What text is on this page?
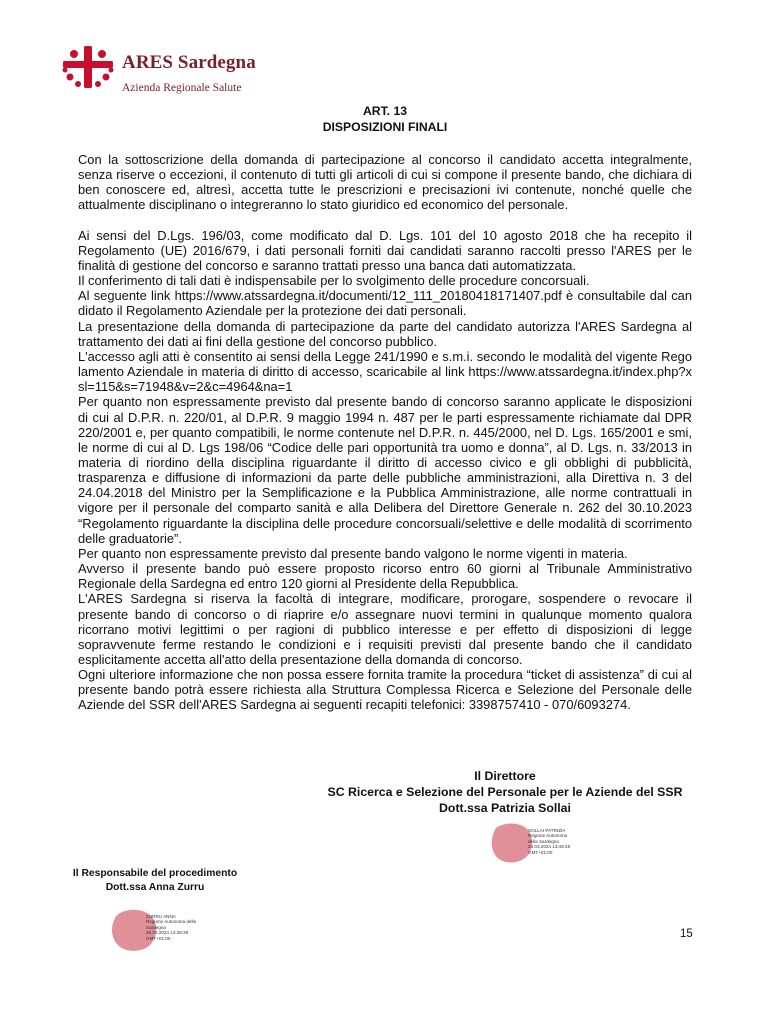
ARES Sardegna
Azienda Regionale Salute
ART. 13
DISPOSIZIONI FINALI

Con la sottoscrizione della domanda di partecipazione al concorso il candidato accetta integralmente, senza riserve o eccezioni, il contenuto di tutti gli articoli di cui si compone il presente bando, che dichiara di ben conoscere ed, altresì, accetta tutte le prescrizioni e precisazioni ivi contenute, nonché quelle che attualmente disciplinano o integreranno lo stato giuridico ed economico del personale.

Ai sensi del D.Lgs. 196/03, come modificato dal D. Lgs. 101 del 10 agosto 2018 che ha recepito il Regolamento (UE) 2016/679, i dati personali forniti dai candidati saranno raccolti presso l'ARES per le finalità di gestione del concorso e saranno trattati presso una banca dati automatizzata.

Il conferimento di tali dati è indispensabile per lo svolgimento delle procedure concorsuali.

Al seguente link https://www.atssardegna.it/documenti/12_111_20180418171407.pdf è consultabile dal candidato il Regolamento Aziendale per la protezione dei dati personali.

La presentazione della domanda di partecipazione da parte del candidato autorizza l'ARES Sardegna al trattamento dei dati ai fini della gestione del concorso pubblico.

L'accesso agli atti è consentito ai sensi della Legge 241/1990 e s.m.i. secondo le modalità del vigente Regolamento Aziendale in materia di diritto di accesso, scaricabile al link https://www.atssardegna.it/index.php?xsl=115&s=71948&v=2&c=4964&na=1

Per quanto non espressamente previsto dal presente bando di concorso saranno applicate le disposizioni di cui al D.P.R. n. 220/01, al D.P.R. 9 maggio 1994 n. 487 per le parti espressamente richiamate dal DPR 220/2001 e, per quanto compatibili, le norme contenute nel D.P.R. n. 445/2000, nel D. Lgs. 165/2001 e smi, le norme di cui al D. Lgs 198/06 “Codice delle pari opportunità tra uomo e donna”, al D. Lgs. n. 33/2013 in materia di riordino della disciplina riguardante il diritto di accesso civico e gli obblighi di pubblicità, trasparenza e diffusione di informazioni da parte delle pubbliche amministrazioni, alla Direttiva n. 3 del 24.04.2018 del Ministro per la Semplificazione e la Pubblica Amministrazione, alle norme contrattuali in vigore per il personale del comparto sanità e alla Delibera del Direttore Generale n. 262 del 30.10.2023 “Regolamento riguardante la disciplina delle procedure concorsuali/selettive e delle modalità di scorrimento delle graduatorie”.

Per quanto non espressamente previsto dal presente bando valgono le norme vigenti in materia.

Avverso il presente bando può essere proposto ricorso entro 60 giorni al Tribunale Amministrativo Regionale della Sardegna ed entro 120 giorni al Presidente della Repubblica.

L'ARES Sardegna si riserva la facoltà di integrare, modificare, prorogare, sospendere o revocare il presente bando di concorso o di riaprire e/o assegnare nuovi termini in qualunque momento qualora ricorrano motivi legittimi o per ragioni di pubblico interesse e per effetto di disposizioni di legge sopravvenute ferme restando le condizioni e i requisiti previsti dal presente bando che il candidato esplicitamente accetta all'atto della presentazione della domanda di concorso.

Ogni ulteriore informazione che non possa essere fornita tramite la procedura “ticket di assistenza” di cui al presente bando potrà essere richiesta alla Struttura Complessa Ricerca e Selezione del Personale delle Aziende del SSR dell'ARES Sardegna ai seguenti recapiti telefonici: 3398757410 - 070/6093274.

Il Direttore
SC Ricerca e Selezione del Personale per le Aziende del SSR
Dott.ssa Patrizia Sollai
SOLLAI PATRIZIA
Regione Autonoma
della Sardegna
26.03.2024 13:46:45
GMT+01:00
Il Responsabile del procedimento
Dott.ssa Anna Zurru
ZURRU ANNA
Regione Autonoma della
Sardegna
26.03.2024 13:39:39
GMT+01:00	15
